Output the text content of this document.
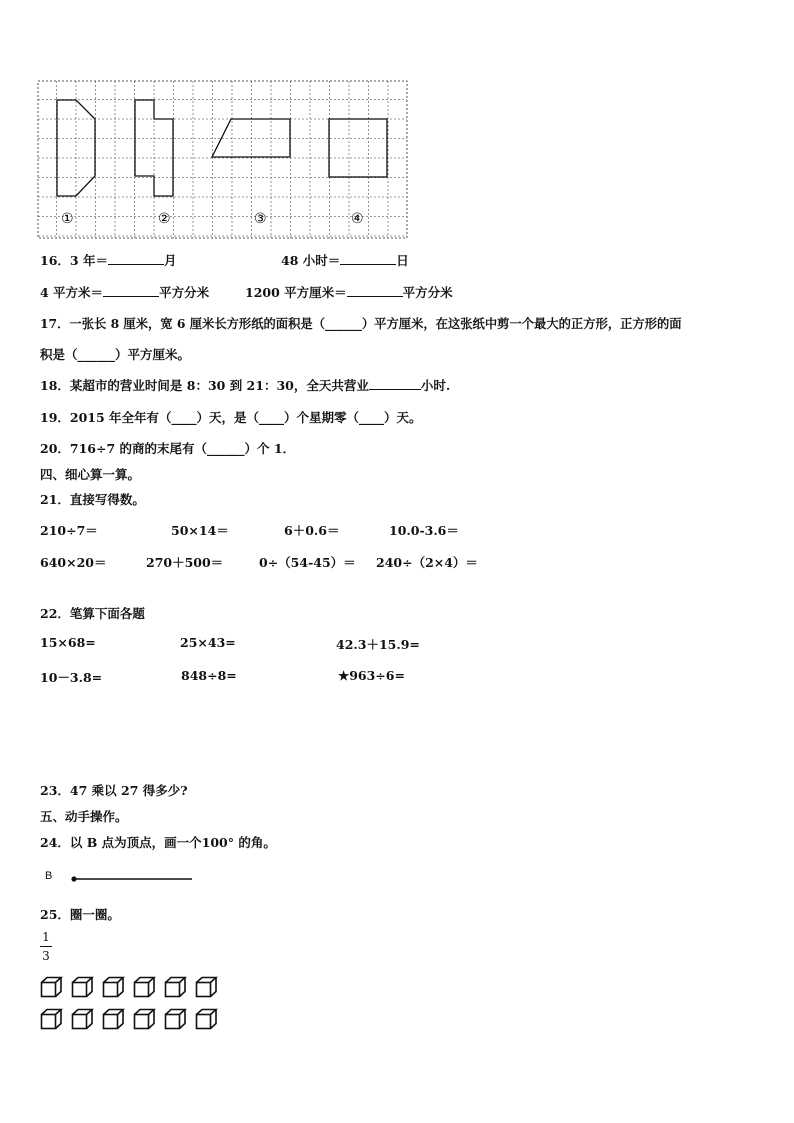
①	②	③	④
16．3 年＝	月	48 小时＝	日
4 平方米＝	平方分米	1200 平方厘米＝	平方分米
17．一张长 8 厘米，宽 6 厘米长方形纸的面积是（______）平方厘米，在这张纸中剪一个最大的正方形，正方形的面
积是（______）平方厘米。
18．某超市的营业时间是 8：30 到 21：30，全天共营业	小时.
19．2015 年全年有（____）天，是（____）个星期零（____）天。
20．716÷7 的商的末尾有（______）个 1．
四、细心算一算。
21．直接写得数。
210÷7＝	50×14＝	6＋0.6＝	10.0-3.6＝
640×20＝	270＋500＝	0÷（54-45）＝ 240÷（2×4）＝
22．笔算下面各题
15×68=	25×43=	42.3＋15.9=
10－3.8=	848÷8=	★963÷6=
23．47 乘以 27 得多少?
五、动手操作。
24．以 B 点为顶点，画一个100° 的角。
B
25．圈一圈。
1
3
